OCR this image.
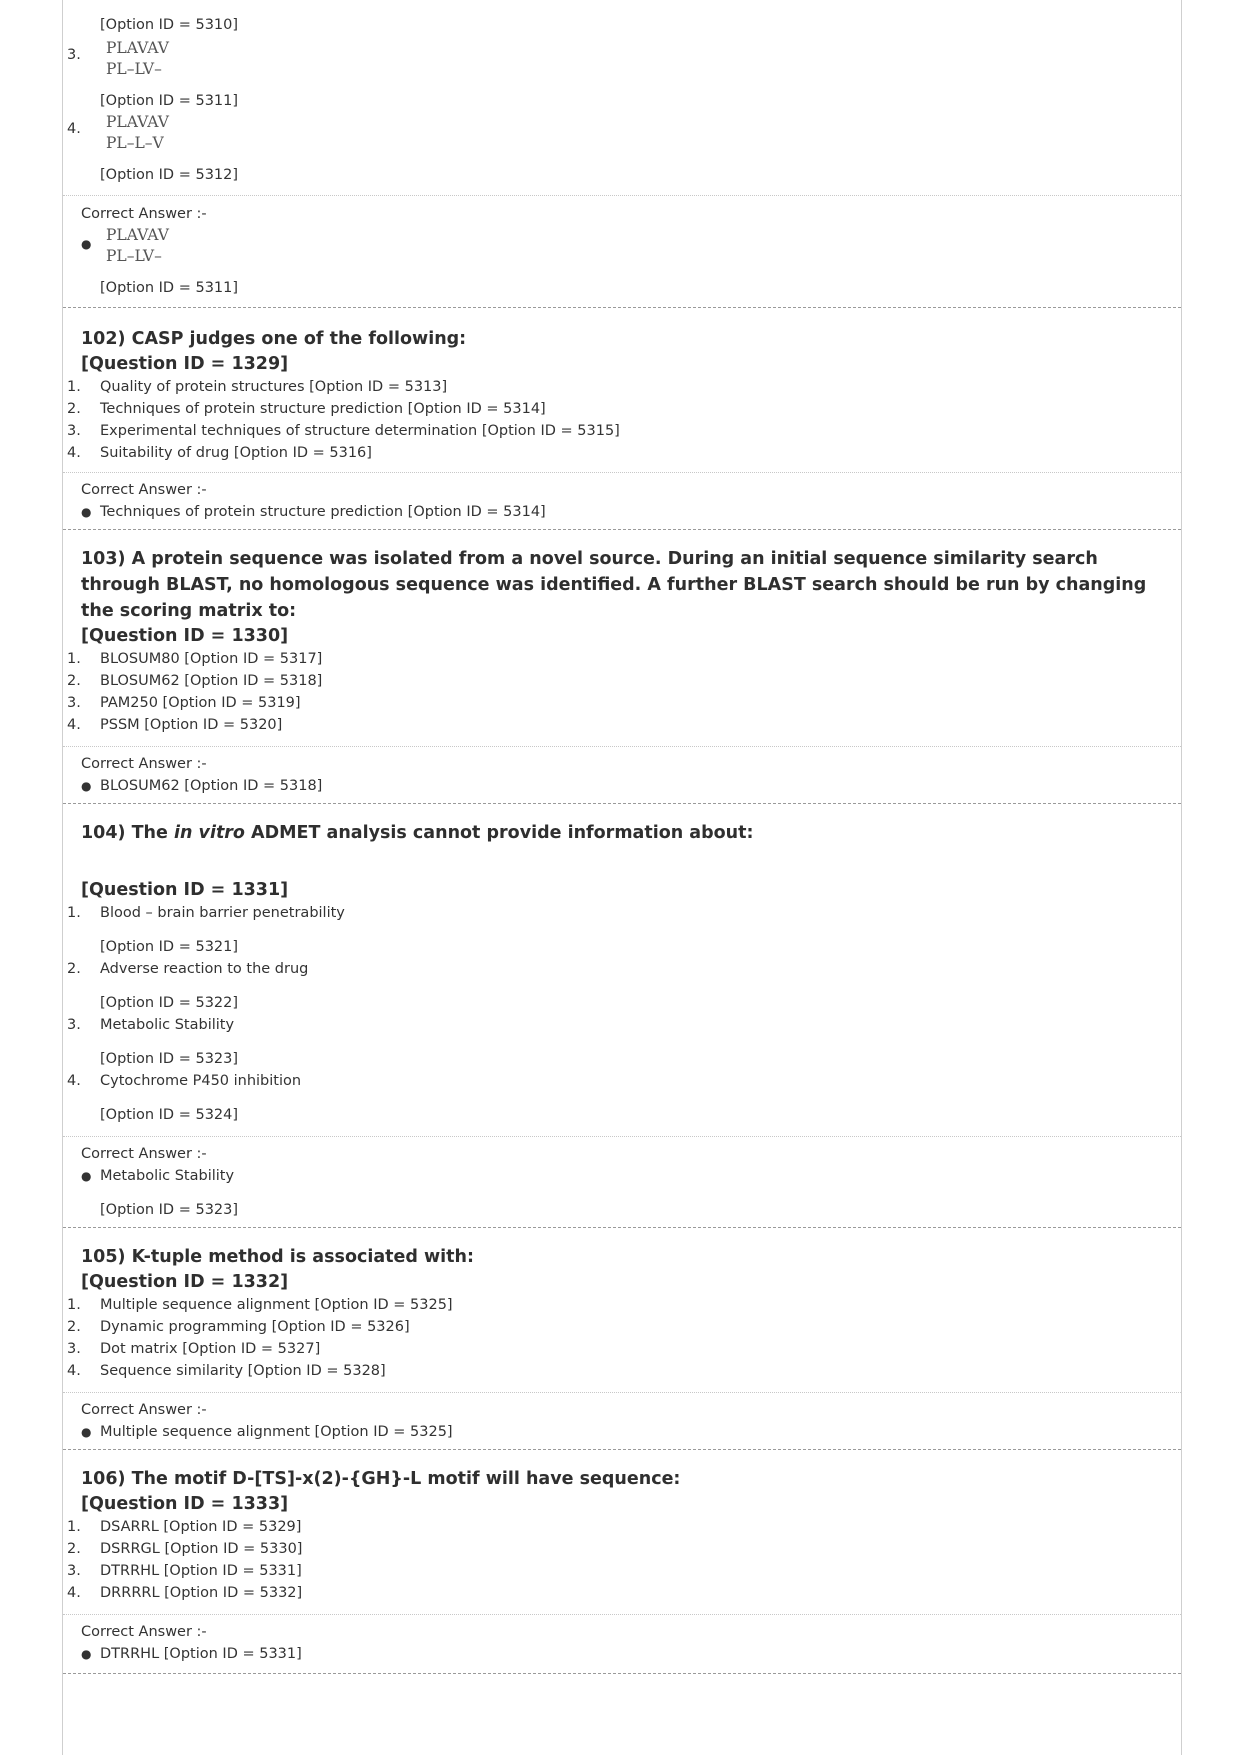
[Option ID = 5310]
3. PLAVAV
PL–LV–
[Option ID = 5311]
4. PLAVAV
PL–L–V
[Option ID = 5312]
Correct Answer :-
● PLAVAV
PL–LV–
[Option ID = 5311]
102) CASP judges one of the following:
[Question ID = 1329]
1. Quality of protein structures [Option ID = 5313]
2. Techniques of protein structure prediction [Option ID = 5314]
3. Experimental techniques of structure determination [Option ID = 5315]
4. Suitability of drug [Option ID = 5316]
Correct Answer :-
● Techniques of protein structure prediction [Option ID = 5314]
103) A protein sequence was isolated from a novel source. During an initial sequence similarity search through BLAST, no homologous sequence was identified. A further BLAST search should be run by changing the scoring matrix to:
[Question ID = 1330]
1. BLOSUM80 [Option ID = 5317]
2. BLOSUM62 [Option ID = 5318]
3. PAM250 [Option ID = 5319]
4. PSSM [Option ID = 5320]
Correct Answer :-
● BLOSUM62 [Option ID = 5318]
104) The in vitro ADMET analysis cannot provide information about:
[Question ID = 1331]
1. Blood – brain barrier penetrability
[Option ID = 5321]
2. Adverse reaction to the drug
[Option ID = 5322]
3. Metabolic Stability
[Option ID = 5323]
4. Cytochrome P450 inhibition
[Option ID = 5324]
Correct Answer :-
● Metabolic Stability
[Option ID = 5323]
105) K-tuple method is associated with:
[Question ID = 1332]
1. Multiple sequence alignment [Option ID = 5325]
2. Dynamic programming [Option ID = 5326]
3. Dot matrix [Option ID = 5327]
4. Sequence similarity [Option ID = 5328]
Correct Answer :-
● Multiple sequence alignment [Option ID = 5325]
106) The motif D-[TS]-x(2)-{GH}-L motif will have sequence:
[Question ID = 1333]
1. DSARRL [Option ID = 5329]
2. DSRRGL [Option ID = 5330]
3. DTRRHL [Option ID = 5331]
4. DRRRRL [Option ID = 5332]
Correct Answer :-
● DTRRHL [Option ID = 5331]
